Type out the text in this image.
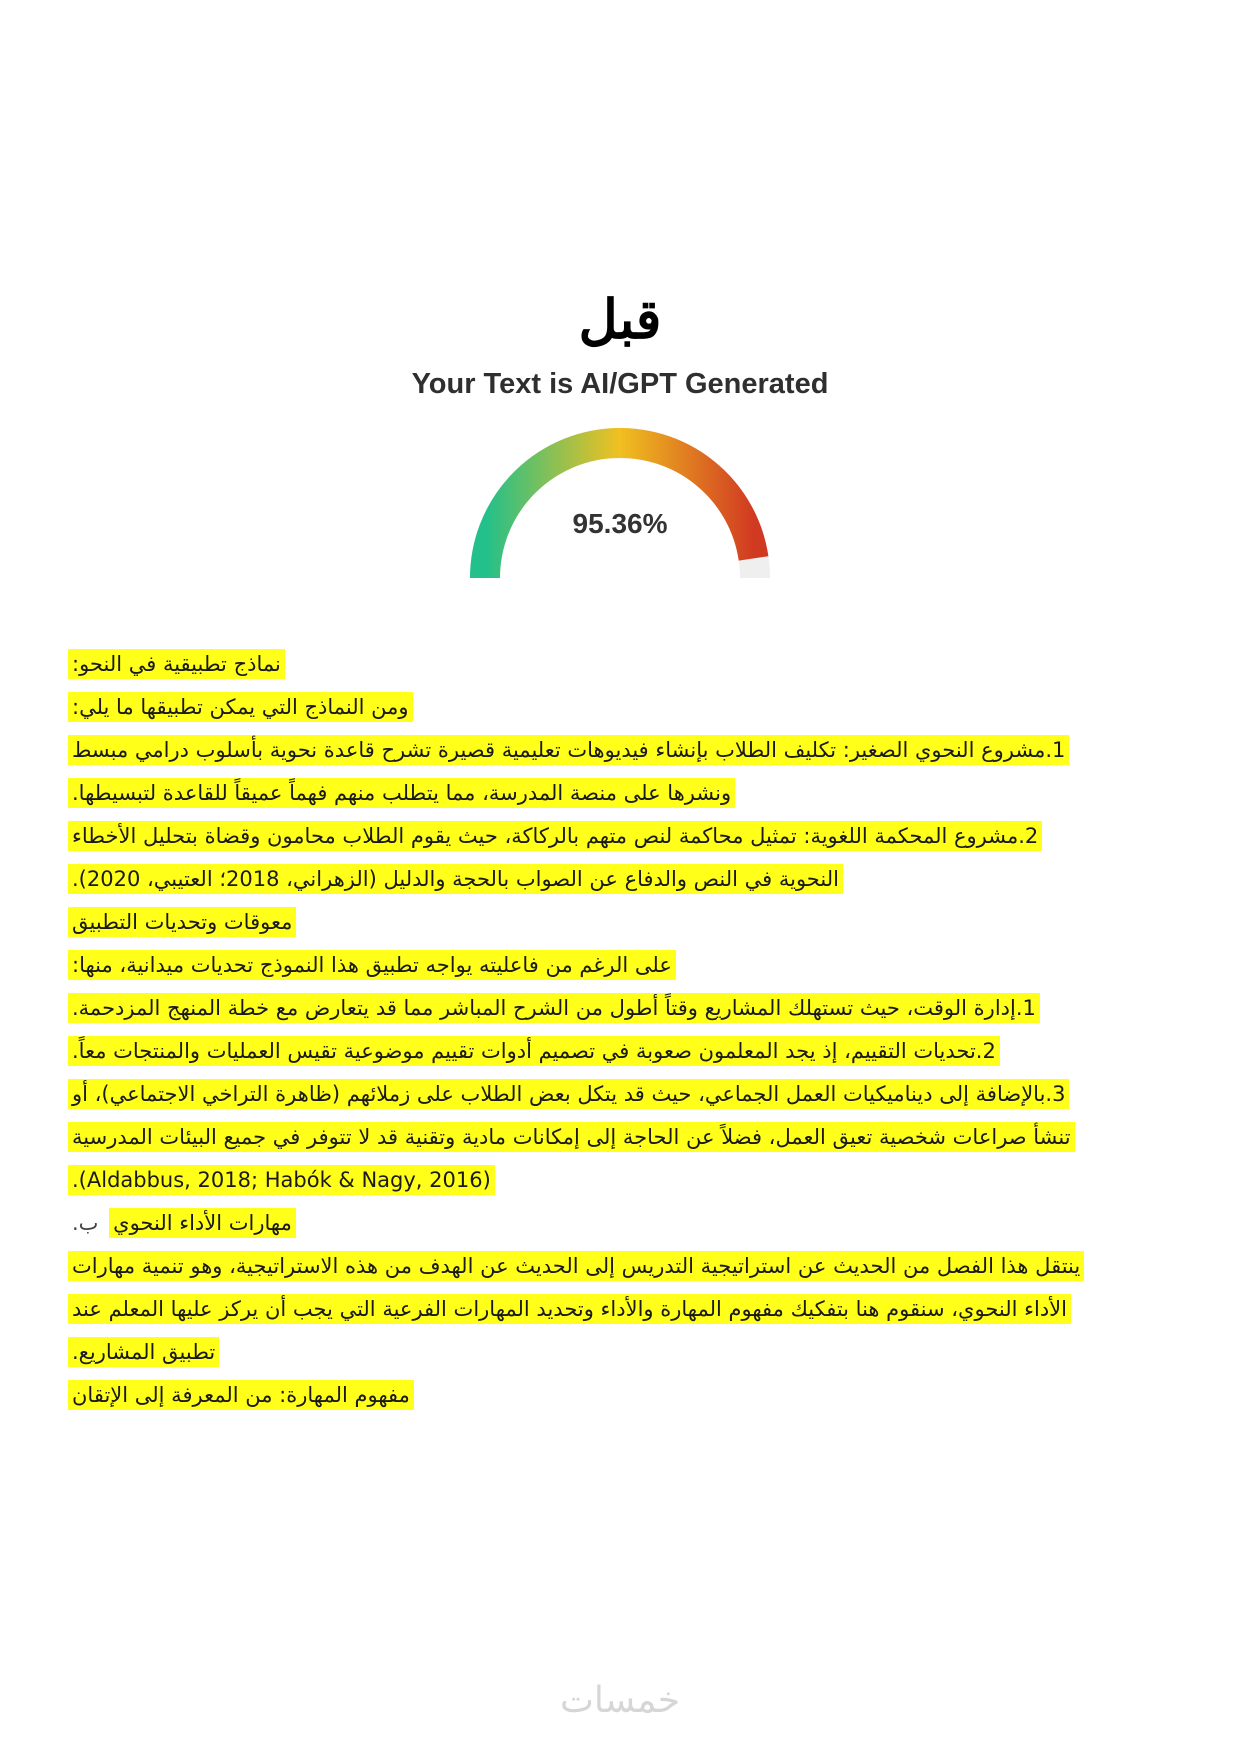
قبل
Your Text is AI/GPT Generated
95.36%

نماذج تطبيقية في النحو:

ومن النماذج التي يمكن تطبيقها ما يلي:

1.مشروع النحوي الصغير: تكليف الطلاب بإنشاء فيديوهات تعليمية قصيرة تشرح قاعدة نحوية بأسلوب درامي مبسط

ونشرها على منصة المدرسة، مما يتطلب منهم فهماً عميقاً للقاعدة لتبسيطها.

2.مشروع المحكمة اللغوية: تمثيل محاكمة لنص متهم بالركاكة، حيث يقوم الطلاب محامون وقضاة بتحليل الأخطاء

النحوية في النص والدفاع عن الصواب بالحجة والدليل (الزهراني، 2018؛ العتيبي، 2020).

معوقات وتحديات التطبيق

على الرغم من فاعليته يواجه تطبيق هذا النموذج تحديات ميدانية، منها:

1.إدارة الوقت، حيث تستهلك المشاريع وقتاً أطول من الشرح المباشر مما قد يتعارض مع خطة المنهج المزدحمة.

2.تحديات التقييم، إذ يجد المعلمون صعوبة في تصميم أدوات تقييم موضوعية تقيس العمليات والمنتجات معاً.

3.بالإضافة إلى ديناميكيات العمل الجماعي، حيث قد يتكل بعض الطلاب على زملائهم (ظاهرة التراخي الاجتماعي)، أو

تنشأ صراعات شخصية تعيق العمل، فضلاً عن الحاجة إلى إمكانات مادية وتقنية قد لا تتوفر في جميع البيئات المدرسية

(Aldabbus, 2018; Habók & Nagy, 2016).

مهارات الأداء النحوي ب.

ينتقل هذا الفصل من الحديث عن استراتيجية التدريس إلى الحديث عن الهدف من هذه الاستراتيجية، وهو تنمية مهارات

الأداء النحوي، سنقوم هنا بتفكيك مفهوم المهارة والأداء وتحديد المهارات الفرعية التي يجب أن يركز عليها المعلم عند

تطبيق المشاريع.

مفهوم المهارة: من المعرفة إلى الإتقان

خمسات
